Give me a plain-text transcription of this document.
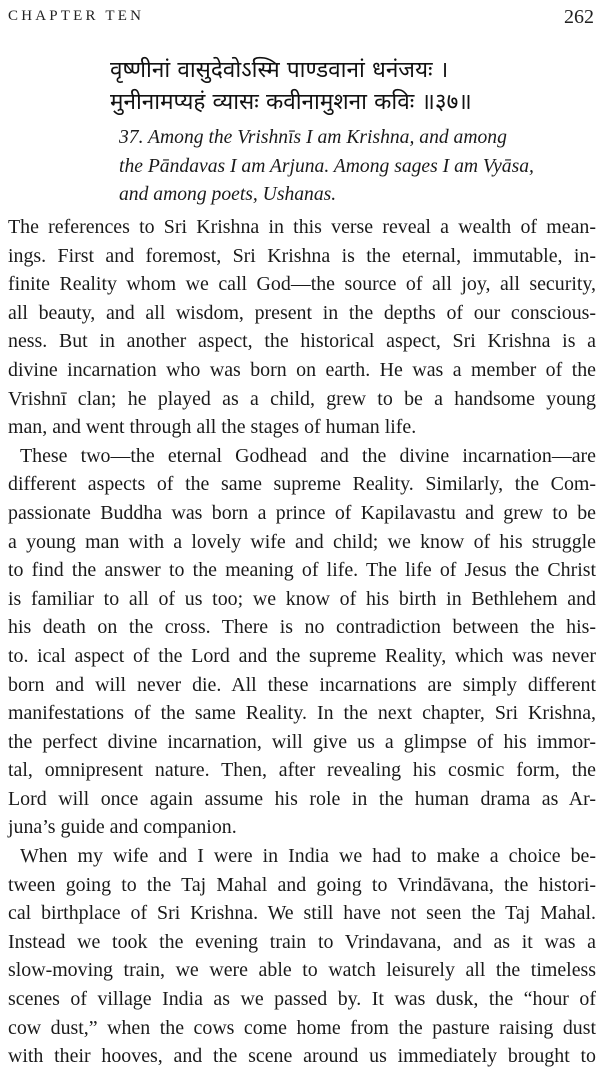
CHAPTER TEN	262
वृष्णीनां वासुदेवोऽस्मि पाण्डवानां धनंजयः ।
मुनीनामप्यहं व्यासः कवीनामुशना कविः ॥३७॥
37. Among the Vrishnīs I am Krishna, and among
the Pāndavas I am Arjuna. Among sages I am Vyāsa,
and among poets, Ushanas.
The references to Sri Krishna in this verse reveal a wealth of mean-
ings. First and foremost, Sri Krishna is the eternal, immutable, in-
finite Reality whom we call God—the source of all joy, all security,
all beauty, and all wisdom, present in the depths of our conscious-
ness. But in another aspect, the historical aspect, Sri Krishna is a
divine incarnation who was born on earth. He was a member of the
Vrishnī clan; he played as a child, grew to be a handsome young
man, and went through all the stages of human life.
These two—the eternal Godhead and the divine incarnation—are
different aspects of the same supreme Reality. Similarly, the Com-
passionate Buddha was born a prince of Kapilavastu and grew to be
a young man with a lovely wife and child; we know of his struggle
to find the answer to the meaning of life. The life of Jesus the Christ
is familiar to all of us too; we know of his birth in Bethlehem and
his death on the cross. There is no contradiction between the his-
to. ical aspect of the Lord and the supreme Reality, which was never
born and will never die. All these incarnations are simply different
manifestations of the same Reality. In the next chapter, Sri Krishna,
the perfect divine incarnation, will give us a glimpse of his immor-
tal, omnipresent nature. Then, after revealing his cosmic form, the
Lord will once again assume his role in the human drama as Ar-
juna’s guide and companion.
When my wife and I were in India we had to make a choice be-
tween going to the Taj Mahal and going to Vrindāvana, the histori-
cal birthplace of Sri Krishna. We still have not seen the Taj Mahal.
Instead we took the evening train to Vrindavana, and as it was a
slow-moving train, we were able to watch leisurely all the timeless
scenes of village India as we passed by. It was dusk, the “hour of
cow dust,” when the cows come home from the pasture raising dust
with their hooves, and the scene around us immediately brought to
